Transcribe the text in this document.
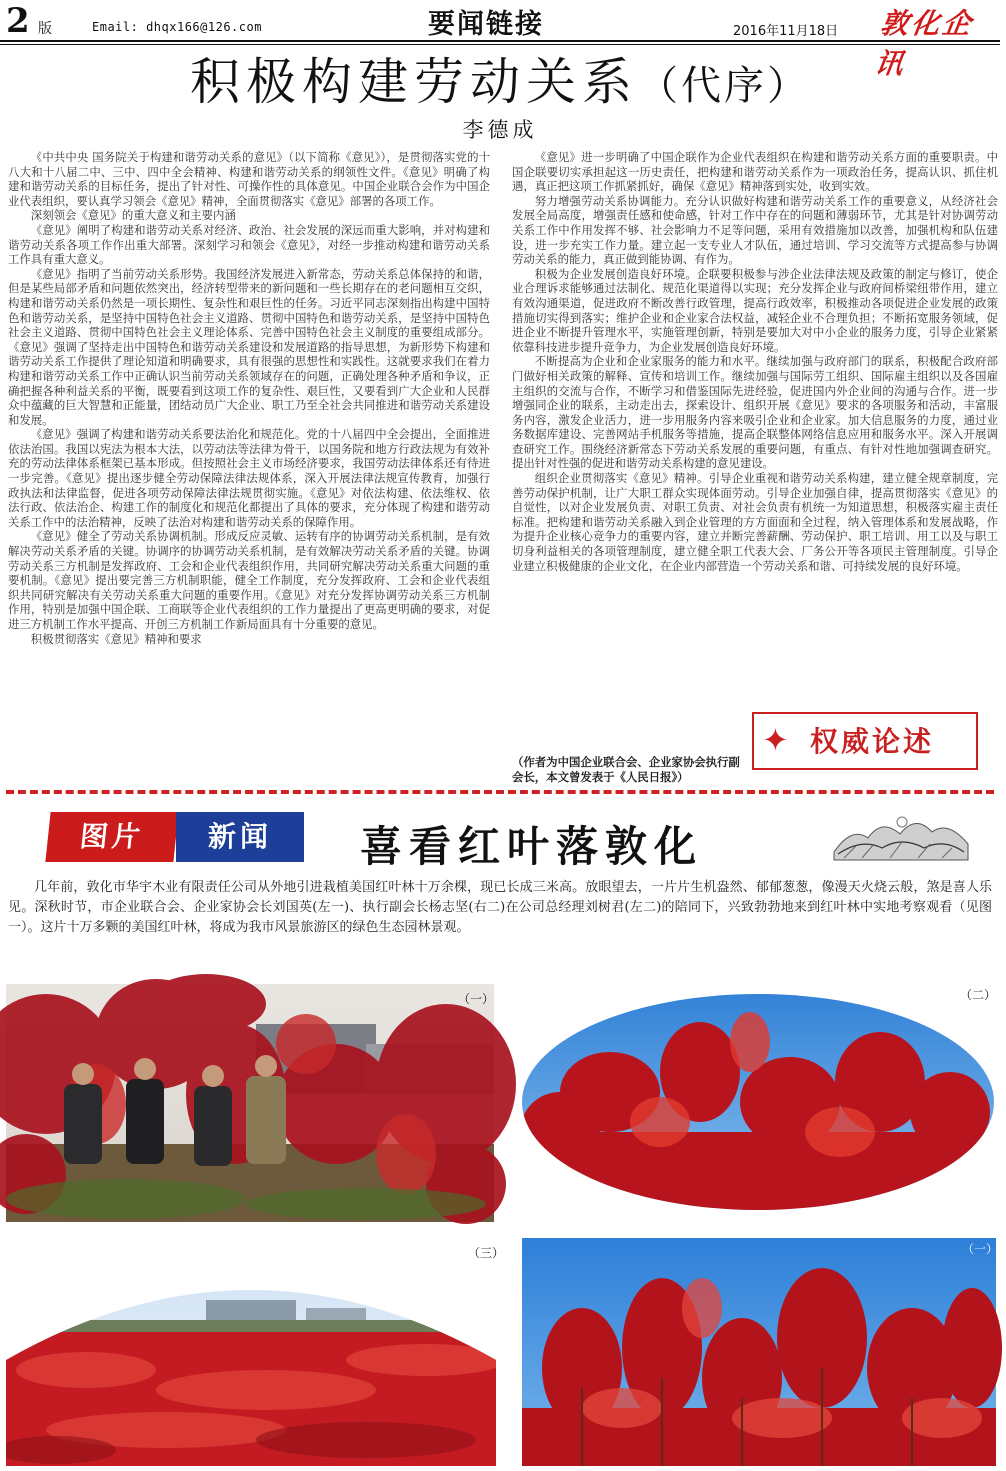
2 版	Email: dhqx166@126.com	要闻链接	2016年11月18日 敦化企讯
积极构建劳动关系（代序）
李德成

《中共中央 国务院关于构建和谐劳动关系的意见》（以下简称《意见》），是贯彻落实党的十八大和十八届二中、三中、四中全会精神、构建和谐劳动关系的纲领性文件。《意见》明确了构建和谐劳动关系的目标任务，提出了针对性、可操作性的具体意见。中国企业联合会作为中国企业代表组织，要认真学习领会《意见》精神，全面贯彻落实《意见》部署的各项工作。

深刻领会《意见》的重大意义和主要内涵

《意见》阐明了构建和谐劳动关系对经济、政治、社会发展的深远而重大影响，并对构建和谐劳动关系各项工作作出重大部署。深刻学习和领会《意见》，对经一步推动构建和谐劳动关系工作具有重大意义。

《意见》指明了当前劳动关系形势。我国经济发展进入新常态，劳动关系总体保持的和谐，但是某些局部矛盾和问题依然突出，经济转型带来的新问题和一些长期存在的老问题相互交织，构建和谐劳动关系仍然是一项长期性、复杂性和艰巨性的任务。习近平同志深刻指出构建中国特色和谐劳动关系，是坚持中国特色社会主义道路、贯彻中国特色和谐劳动关系，是坚持中国特色社会主义道路、贯彻中国特色社会主义理论体系、完善中国特色社会主义制度的重要组成部分。《意见》强调了坚持走出中国特色和谐劳动关系建设和发展道路的指导思想，为新形势下构建和谐劳动关系工作提供了理论知道和明确要求，具有很强的思想性和实践性。这就要求我们在着力构建和谐劳动关系工作中正确认识当前劳动关系领域存在的问题，正确处理各种矛盾和争议，正确把握各种利益关系的平衡，既要看到这项工作的复杂性、艰巨性，又要看到广大企业和人民群众中蕴藏的巨大智慧和正能量，团结动员广大企业、职工乃至全社会共同推进和谐劳动关系建设和发展。

《意见》强调了构建和谐劳动关系要法治化和规范化。党的十八届四中全会提出，全面推进依法治国。我国以宪法为根本大法，以劳动法等法律为骨干，以国务院和地方行政法规为有效补充的劳动法律体系框架已基本形成。但按照社会主义市场经济要求，我国劳动法律体系还有待进一步完善。《意见》提出逐步健全劳动保障法律法规体系，深入开展法律法规宣传教育，加强行政执法和法律监督，促进各项劳动保障法律法规贯彻实施。《意见》对依法构建、依法维权、依法行政、依法治企、构建工作的制度化和规范化都提出了具体的要求，充分体现了构建和谐劳动关系工作中的法治精神，反映了法治对构建和谐劳动关系的保障作用。

《意见》健全了劳动关系协调机制。形成反应灵敏、运转有序的协调劳动关系机制，是有效解决劳动关系矛盾的关键。协调序的协调劳动关系机制，是有效解决劳动关系矛盾的关键。协调劳动关系三方机制是发挥政府、工会和企业代表组织作用，共同研究解决劳动关系重大问题的重要机制。《意见》提出要完善三方机制职能，健全工作制度，充分发挥政府、工会和企业代表组织共同研究解决有关劳动关系重大问题的重要作用。《意见》对充分发挥协调劳动关系三方机制作用，特别是加强中国企联、工商联等企业代表组织的工作力量提出了更高更明确的要求，对促进三方机制工作水平提高、开创三方机制工作新局面具有十分重要的意见。

积极贯彻落实《意见》精神和要求

《意见》进一步明确了中国企联作为企业代表组织在构建和谐劳动关系方面的重要职责。中国企联要切实承担起这一历史责任，把构建和谐劳动关系作为一项政治任务，提高认识、抓住机遇，真正把这项工作抓紧抓好，确保《意见》精神落到实处，收到实效。

努力增强劳动关系协调能力。充分认识做好构建和谐劳动关系工作的重要意义，从经济社会发展全局高度，增强责任感和使命感，针对工作中存在的问题和薄弱环节，尤其是针对协调劳动关系工作中作用发挥不够、社会影响力不足等问题，采用有效措施加以改善，加强机构和队伍建设，进一步充实工作力量。建立起一支专业人才队伍，通过培训、学习交流等方式提高参与协调劳动关系的能力，真正做到能协调、有作为。

积极为企业发展创造良好环境。企联要积极参与涉企业法律法规及政策的制定与修订，使企业合理诉求能够通过法制化、规范化渠道得以实现；充分发挥企业与政府间桥梁纽带作用，建立有效沟通渠道，促进政府不断改善行政管理，提高行政效率，积极推动各项促进企业发展的政策措施切实得到落实；维护企业和企业家合法权益，减轻企业不合理负担；不断拓宽服务领域，促进企业不断提升管理水平，实施管理创新，特别是要加大对中小企业的服务力度，引导企业紧紧依靠科技进步提升竞争力，为企业发展创造良好环境。

不断提高为企业和企业家服务的能力和水平。继续加强与政府部门的联系，积极配合政府部门做好相关政策的解释、宣传和培训工作。继续加强与国际劳工组织、国际雇主组织以及各国雇主组织的交流与合作，不断学习和借鉴国际先进经验，促进国内外企业间的沟通与合作。进一步增强同企业的联系，主动走出去，探索设计、组织开展《意见》要求的各项服务和活动，丰富服务内容，激发企业活力，进一步用服务内容来吸引企业和企业家。加大信息服务的力度，通过业务数据库建设、完善网站手机服务等措施，提高企联整体网络信息应用和服务水平。深入开展调查研究工作。围绕经济新常态下劳动关系发展的重要问题，有重点、有针对性地加强调查研究。提出针对性强的促进和谐劳动关系构建的意见建设。

组织企业贯彻落实《意见》精神。引导企业重视和谐劳动关系构建，建立健全规章制度，完善劳动保护机制，让广大职工群众实现体面劳动。引导企业加强自律，提高贯彻落实《意见》的自觉性，以对企业发展负责、对职工负责、对社会负责有机统一为知道思想，积极落实雇主责任标准。把构建和谐劳动关系融入到企业管理的方方面面和全过程，纳入管理体系和发展战略，作为提升企业核心竞争力的重要内容，建立并断完善薪酬、劳动保护、职工培训、用工以及与职工切身利益相关的各项管理制度，建立健全职工代表大会、厂务公开等各项民主管理制度。引导企业建立积极健康的企业文化，在企业内部营造一个劳动关系和谐、可持续发展的良好环境。

（作者为中国企业联合会、企业家协会执行副会长，本文曾发表于《人民日报》）
✦ 权威论述
图片	新闻	喜看红叶落敦化
几年前，敦化市华宇木业有限责任公司从外地引进栽植美国红叶林十万余棵，现已长成三米高。放眼望去，一片片生机盎然、郁郁葱葱，像漫天火烧云般，煞是喜人乐见。深秋时节，市企业联合会、企业家协会长刘国英(左一)、执行副会长杨志坚(右二)在公司总经理刘树君(左二)的陪同下，兴致勃勃地来到红叶林中实地考察观看（见图一）。这片十万多颗的美国红叶林，将成为我市风景旅游区的绿色生态园林景观。
（一）	（二）
（三）	（一）
